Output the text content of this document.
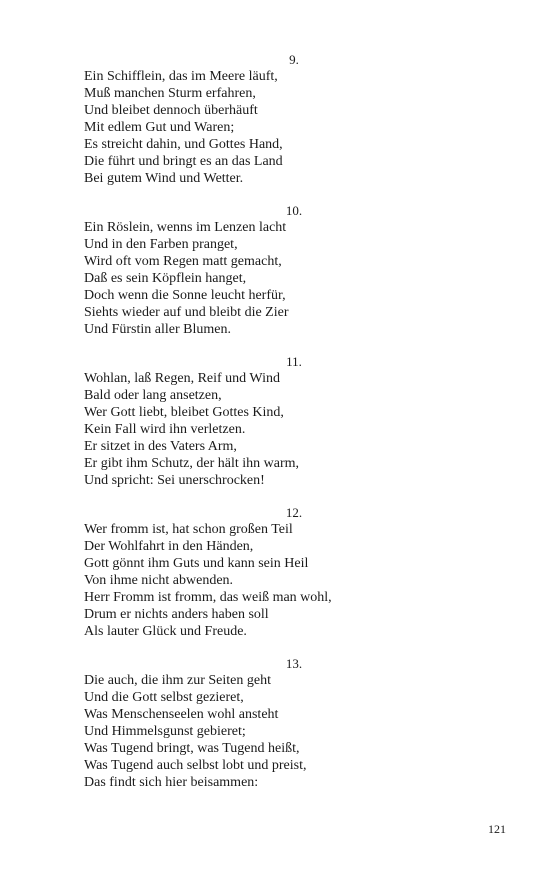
9.
Ein Schifflein, das im Meere läuft,
Muß manchen Sturm erfahren,
Und bleibet dennoch überhäuft
Mit edlem Gut und Waren;
Es streicht dahin, und Gottes Hand,
Die führt und bringt es an das Land
Bei gutem Wind und Wetter.
10.
Ein Röslein, wenns im Lenzen lacht
Und in den Farben pranget,
Wird oft vom Regen matt gemacht,
Daß es sein Köpflein hanget,
Doch wenn die Sonne leucht herfür,
Siehts wieder auf und bleibt die Zier
Und Fürstin aller Blumen.
11.
Wohlan, laß Regen, Reif und Wind
Bald oder lang ansetzen,
Wer Gott liebt, bleibet Gottes Kind,
Kein Fall wird ihn verletzen.
Er sitzet in des Vaters Arm,
Er gibt ihm Schutz, der hält ihn warm,
Und spricht: Sei unerschrocken!
12.
Wer fromm ist, hat schon großen Teil
Der Wohlfahrt in den Händen,
Gott gönnt ihm Guts und kann sein Heil
Von ihme nicht abwenden.
Herr Fromm ist fromm, das weiß man wohl,
Drum er nichts anders haben soll
Als lauter Glück und Freude.
13.
Die auch, die ihm zur Seiten geht
Und die Gott selbst gezieret,
Was Menschenseelen wohl ansteht
Und Himmelsgunst gebieret;
Was Tugend bringt, was Tugend heißt,
Was Tugend auch selbst lobt und preist,
Das findt sich hier beisammen:
121
